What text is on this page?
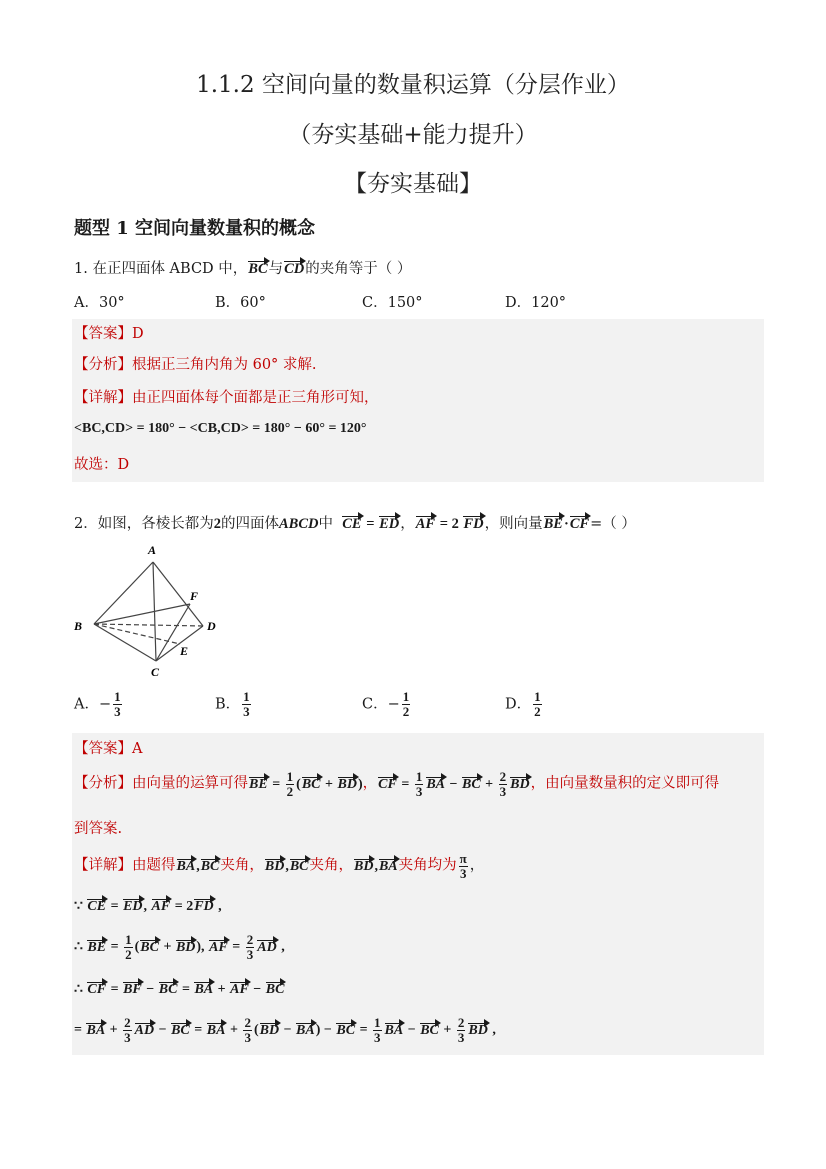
1.1.2 空间向量的数量积运算（分层作业）
（夯实基础+能力提升）
【夯实基础】
题型 1 空间向量数量积的概念
1. 在正四面体 ABCD 中，BC与CD的夹角等于（ ）
A．30°	B．60°	C．150°	D．120°
【答案】D
【分析】根据正三角内角为 60° 求解.
【详解】由正四面体每个面都是正三角形可知，
<BC,CD> = 180° − <CB,CD> = 180° − 60° = 120°
故选：D
2．如图，各棱长都为2的四面体ABCD中 CE = ED，AF = 2 FD，则向量BE·CF=（ ）
A
B
C
D
E
F
A．− $\frac{1}{3}$	B． $\frac{1}{3}$	C．− $\frac{1}{2}$	D． $\frac{1}{2}$
【答案】A
【分析】由向量的运算可得BE = $\frac{1}{2} (BC + BD)$，CF = $\frac{1}{3}$ BA − BC + $\frac{2}{3}$ BD，由向量数量积的定义即可得
到答案.
【详解】由题得BA,BC夹角，BD,BC夹角，BD,BA夹角均为 $\frac{\pi}{3}$ ，
∵ CE = ED, AF = 2FD ,
∴ BE = $\frac{1}{2} (BC + BD)$, AF = $\frac{2}{3}$ AD ,
∴ CF = BF − BC = BA + AF − BC
= BA + $\frac{2}{3}$ AD − BC = BA + $\frac{2}{3} (BD - BA)$ − BC = $\frac{1}{3}$ BA − BC + $\frac{2}{3}$ BD ,
